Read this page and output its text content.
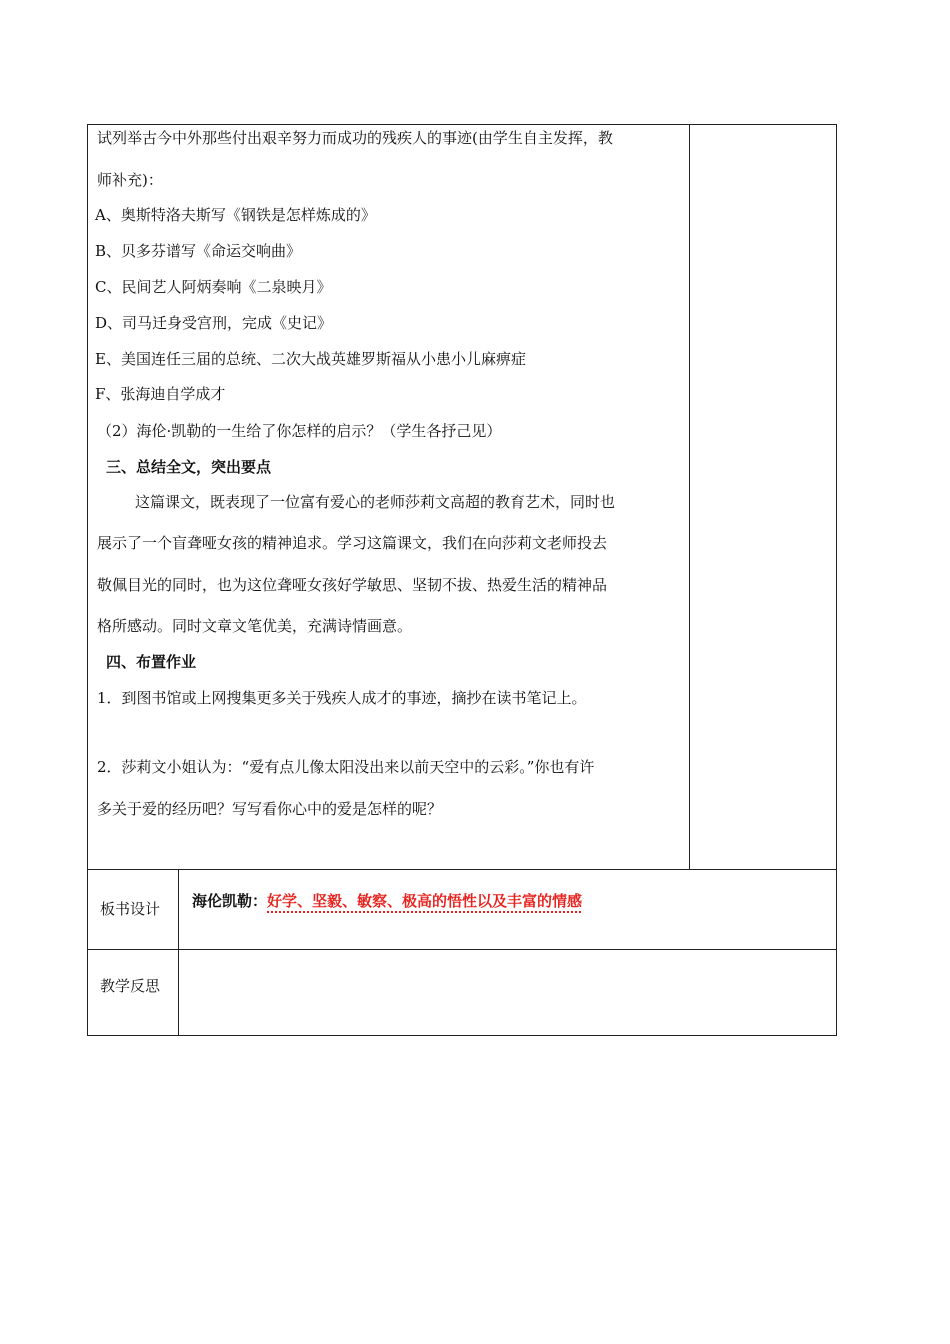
试列举古今中外那些付出艰辛努力而成功的残疾人的事迹(由学生自主发挥，教
师补充)：
A、奥斯特洛夫斯写《钢铁是怎样炼成的》
B、贝多芬谱写《命运交响曲》
C、民间艺人阿炳奏响《二泉映月》
D、司马迁身受宫刑，完成《史记》
E、美国连任三届的总统、二次大战英雄罗斯福从小患小儿麻痹症
F、张海迪自学成才
（2）海伦·凯勒的一生给了你怎样的启示？（学生各抒己见）
三、总结全文，突出要点
这篇课文，既表现了一位富有爱心的老师莎莉文高超的教育艺术，同时也
展示了一个盲聋哑女孩的精神追求。学习这篇课文，我们在向莎莉文老师投去
敬佩目光的同时，也为这位聋哑女孩好学敏思、坚韧不拔、热爱生活的精神品
格所感动。同时文章文笔优美，充满诗情画意。
四、布置作业
1．到图书馆或上网搜集更多关于残疾人成才的事迹，摘抄在读书笔记上。
2．莎莉文小姐认为：“爱有点儿像太阳没出来以前天空中的云彩。”你也有许
多关于爱的经历吧？写写看你心中的爱是怎样的呢？
板书设计 海伦凯勒：好学、坚毅、敏察、极高的悟性以及丰富的情感
教学反思
